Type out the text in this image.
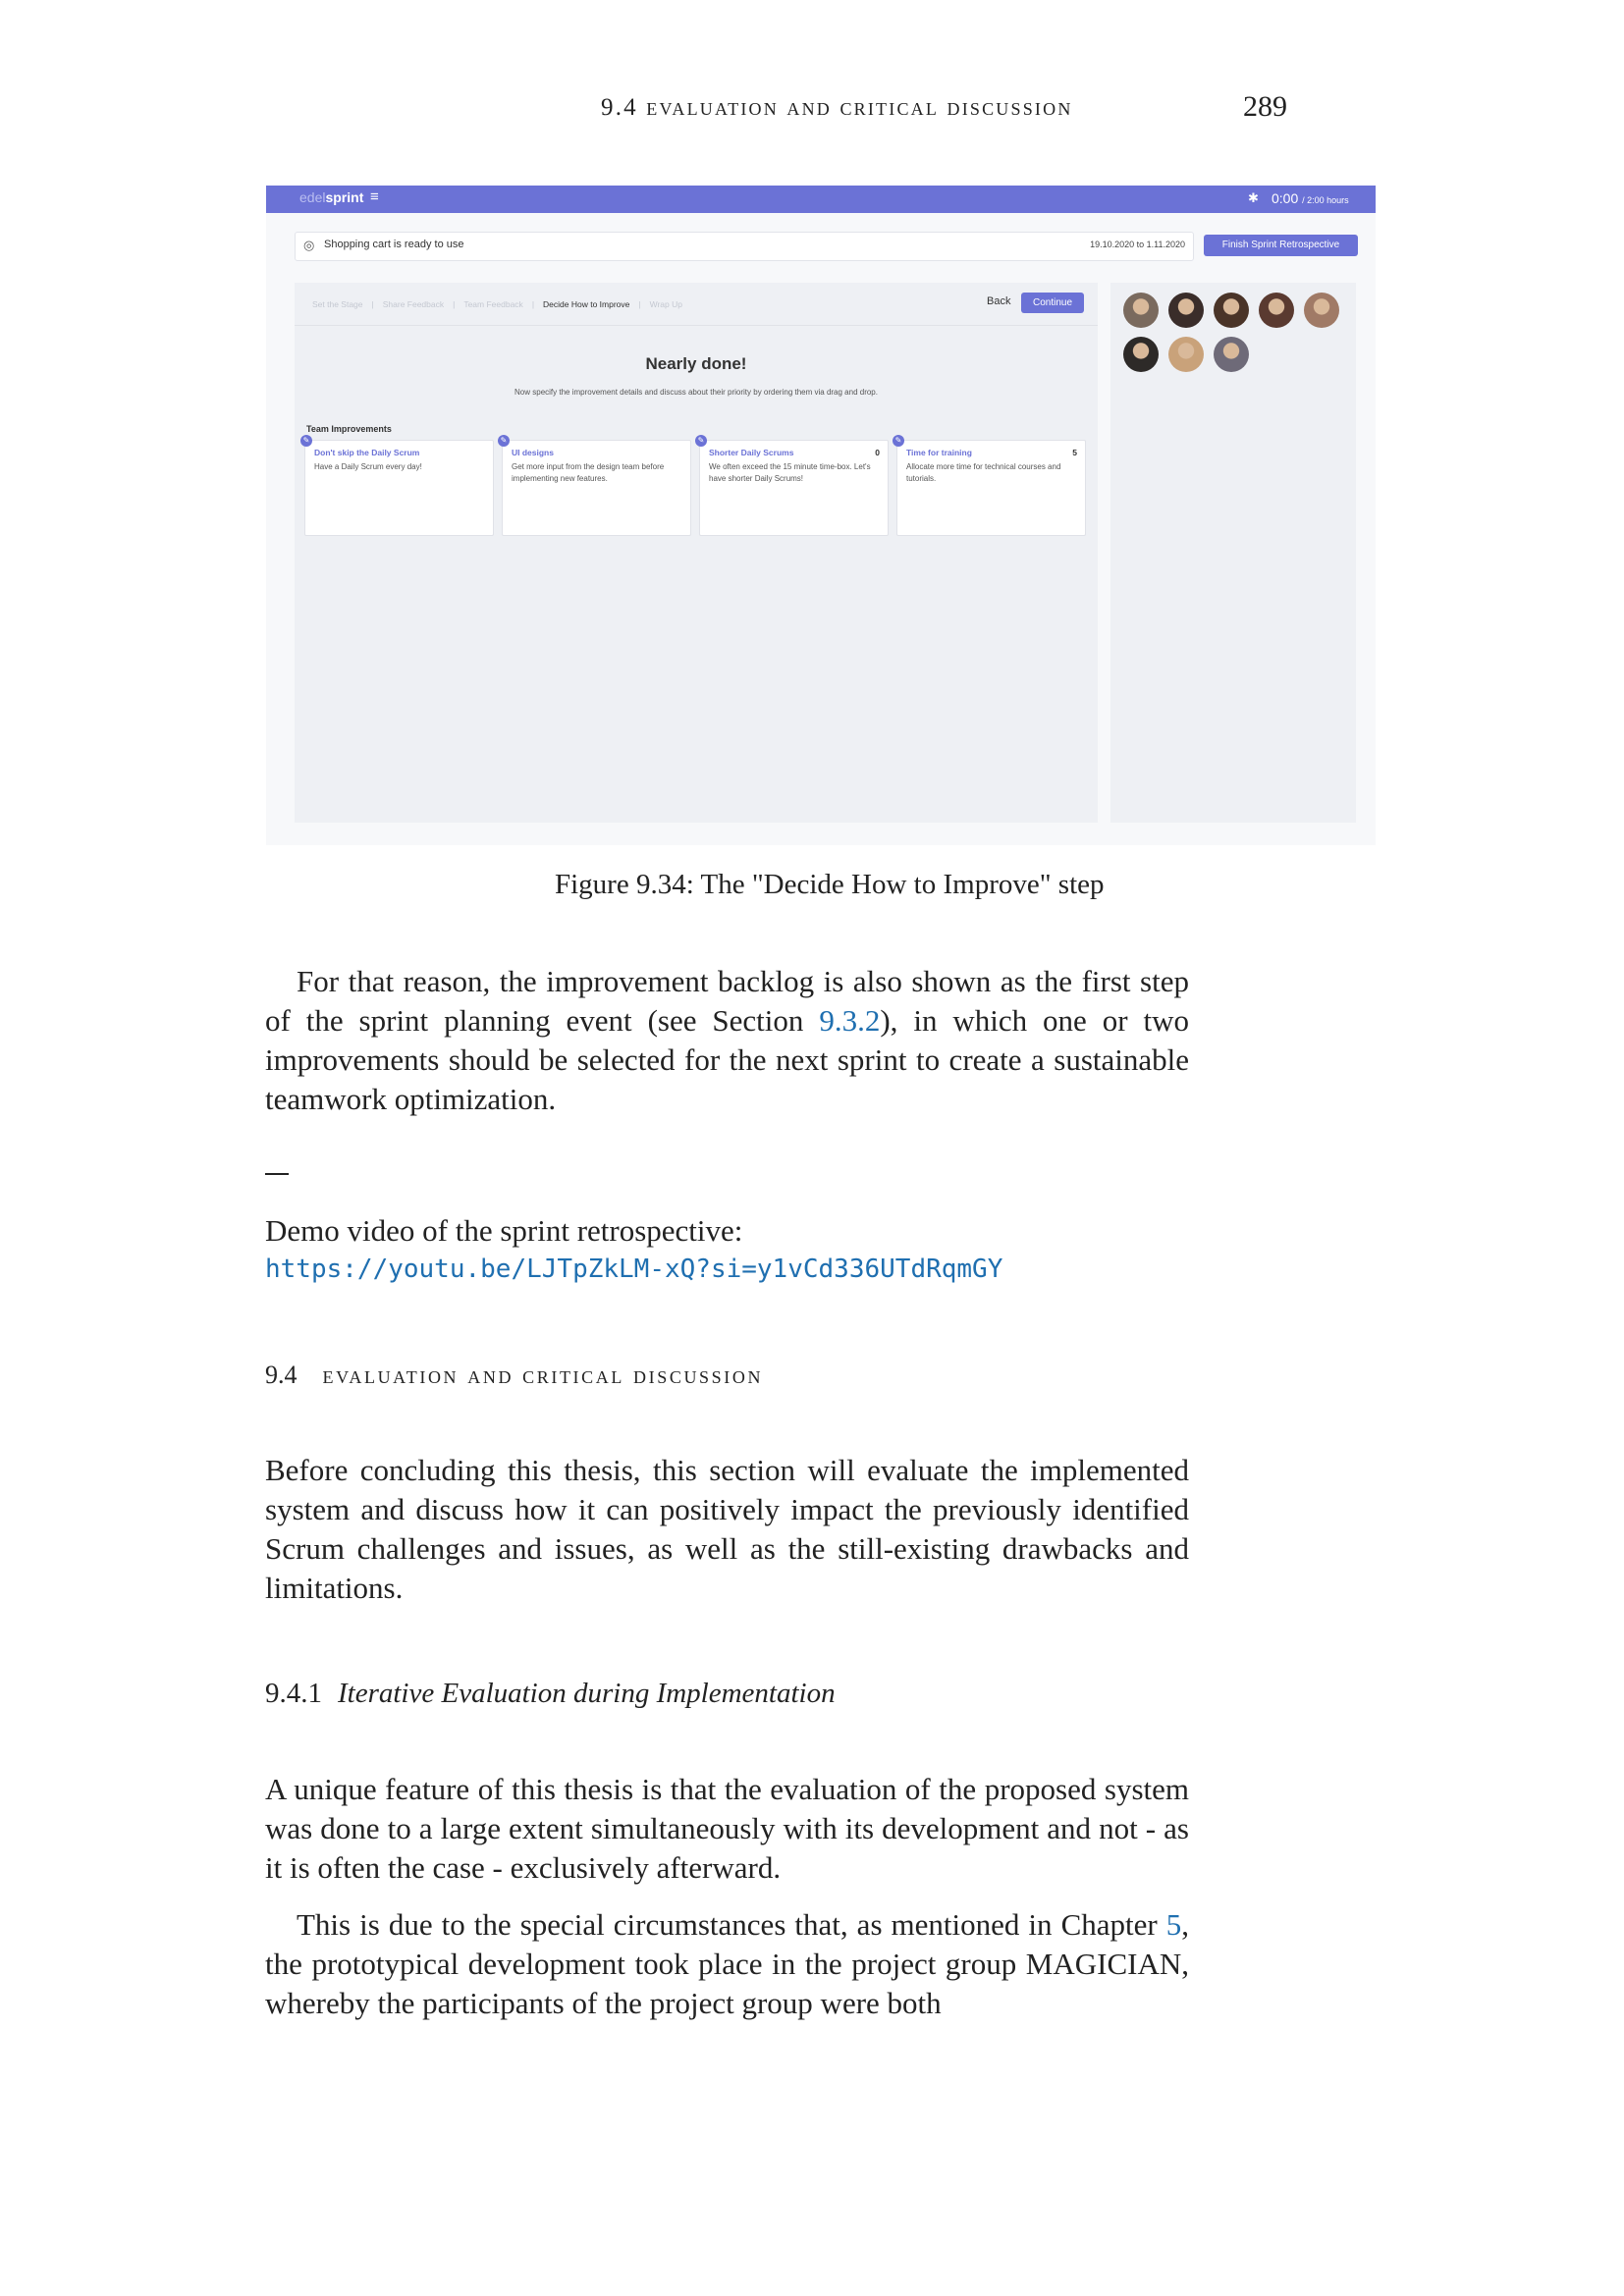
9.4 evaluation and critical discussion	289
edelsprint ≡	✱ 0:00 / 2:00 hours
◎ Shopping cart is ready to use	19.10.2020 to 1.11.2020	Finish Sprint Retrospective
Set the Stage | Share Feedback | Team Feedback | Decide How to Improve | Wrap Up	Back	Continue
Nearly done!
Now specify the improvement details and discuss about their priority by ordering them via drag and drop.
Team Improvements
✎
Don't skip the Daily Scrum
Have a Daily Scrum every day!
✎
UI designs
Get more input from the design team before implementing new features.
✎
Shorter Daily Scrums	0
We often exceed the 15 minute time-box. Let's have shorter Daily Scrums!
✎
Time for training	5
Allocate more time for technical courses and tutorials.
Figure 9.34: The "Decide How to Improve" step

For that reason, the improvement backlog is also shown as the first step of the sprint planning event (see Section 9.3.2), in which one or two improvements should be selected for the next sprint to create a sustainable teamwork optimization.

Demo video of the sprint retrospective:
https://youtu.be/LJTpZkLM-xQ?si=y1vCd336UTdRqmGY
9.4 evaluation and critical discussion
Before concluding this thesis, this section will evaluate the implemented system and discuss how it can positively impact the previously identified Scrum challenges and issues, as well as the still-existing drawbacks and limitations.
9.4.1 Iterative Evaluation during Implementation
A unique feature of this thesis is that the evaluation of the proposed system was done to a large extent simultaneously with its development and not - as it is often the case - exclusively afterward.

This is due to the special circumstances that, as mentioned in Chapter 5, the prototypical development took place in the project group MAGICIAN, whereby the participants of the project group were both
